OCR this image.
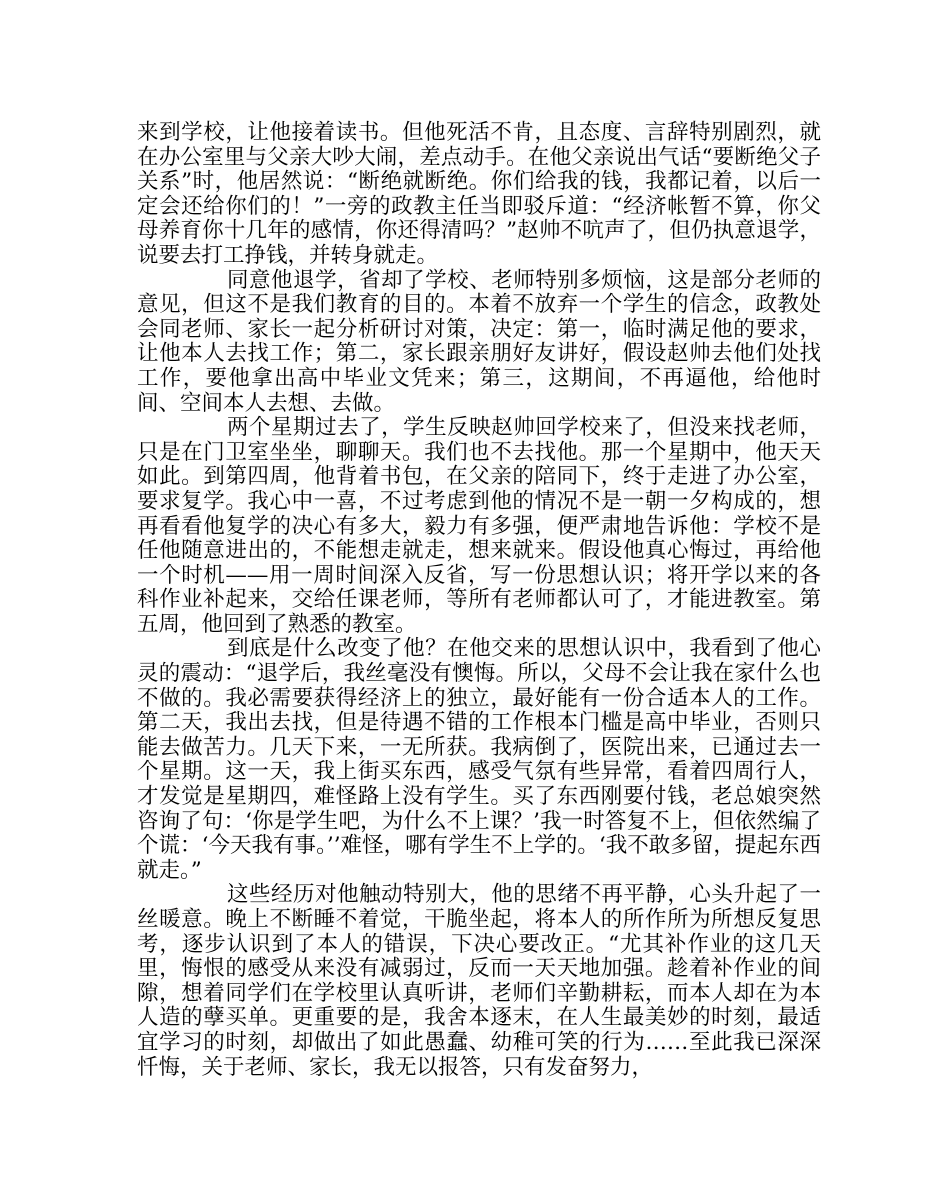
来到学校，让他接着读书。但他死活不肯，且态度、言辞特别剧烈，就在办公室里与父亲大吵大闹，差点动手。在他父亲说出气话“要断绝父子关系”时，他居然说：“断绝就断绝。你们给我的钱，我都记着，以后一定会还给你们的！”一旁的政教主任当即驳斥道：“经济帐暂不算，你父母养育你十几年的感情，你还得清吗？”赵帅不吭声了，但仍执意退学，说要去打工挣钱，并转身就走。

同意他退学，省却了学校、老师特别多烦恼，这是部分老师的意见，但这不是我们教育的目的。本着不放弃一个学生的信念，政教处会同老师、家长一起分析研讨对策，决定：第一，临时满足他的要求，让他本人去找工作；第二，家长跟亲朋好友讲好，假设赵帅去他们处找工作，要他拿出高中毕业文凭来；第三，这期间，不再逼他，给他时间、空间本人去想、去做。

两个星期过去了，学生反映赵帅回学校来了，但没来找老师，只是在门卫室坐坐，聊聊天。我们也不去找他。那一个星期中，他天天如此。到第四周，他背着书包，在父亲的陪同下，终于走进了办公室，要求复学。我心中一喜，不过考虑到他的情况不是一朝一夕构成的，想再看看他复学的决心有多大，毅力有多强，便严肃地告诉他：学校不是任他随意进出的，不能想走就走，想来就来。假设他真心悔过，再给他一个时机——用一周时间深入反省，写一份思想认识；将开学以来的各科作业补起来，交给任课老师，等所有老师都认可了，才能进教室。第五周，他回到了熟悉的教室。

到底是什么改变了他？在他交来的思想认识中，我看到了他心灵的震动：“退学后，我丝毫没有懊悔。所以，父母不会让我在家什么也不做的。我必需要获得经济上的独立，最好能有一份合适本人的工作。第二天，我出去找，但是待遇不错的工作根本门槛是高中毕业，否则只能去做苦力。几天下来，一无所获。我病倒了，医院出来，已通过去一个星期。这一天，我上街买东西，感受气氛有些异常，看着四周行人，才发觉是星期四，难怪路上没有学生。买了东西刚要付钱，老总娘突然咨询了句：‘你是学生吧，为什么不上课？’我一时答复不上，但依然编了个谎：‘今天我有事。’’难怪，哪有学生不上学的。‘我不敢多留，提起东西就走。”

这些经历对他触动特别大，他的思绪不再平静，心头升起了一丝暖意。晚上不断睡不着觉，干脆坐起，将本人的所作所为所想反复思考，逐步认识到了本人的错误，下决心要改正。“尤其补作业的这几天里，悔恨的感受从来没有减弱过，反而一天天地加强。趁着补作业的间隙，想着同学们在学校里认真听讲，老师们辛勤耕耘，而本人却在为本人造的孽买单。更重要的是，我舍本逐末，在人生最美妙的时刻，最适宜学习的时刻，却做出了如此愚蠢、幼稚可笑的行为……至此我已深深忏悔，关于老师、家长，我无以报答，只有发奋努力，
